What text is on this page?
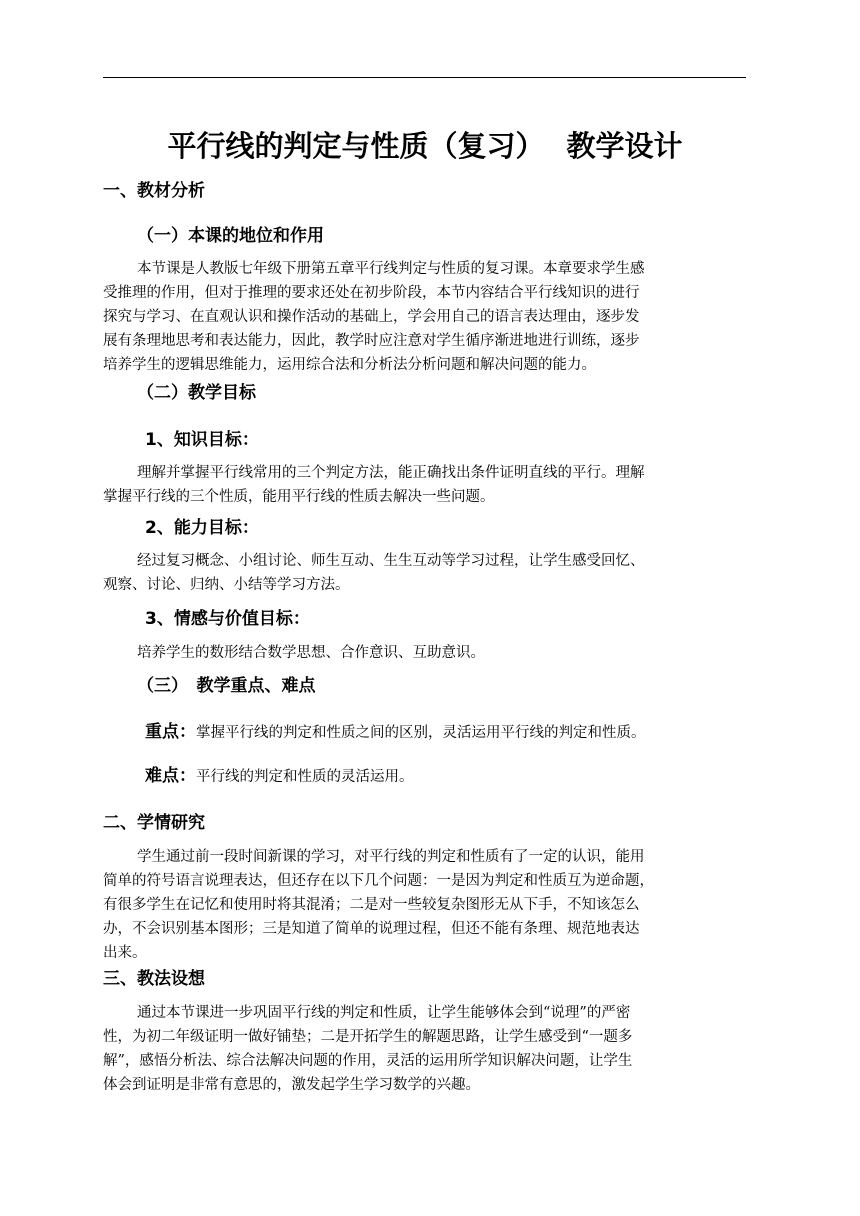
平行线的判定与性质（复习） 教学设计
一、教材分析
（一）本课的地位和作用
本节课是人教版七年级下册第五章平行线判定与性质的复习课。本章要求学生感
受推理的作用，但对于推理的要求还处在初步阶段，本节内容结合平行线知识的进行
探究与学习、在直观认识和操作活动的基础上，学会用自己的语言表达理由，逐步发
展有条理地思考和表达能力，因此，教学时应注意对学生循序渐进地进行训练，逐步
培养学生的逻辑思维能力，运用综合法和分析法分析问题和解决问题的能力。
（二）教学目标
1、知识目标：
理解并掌握平行线常用的三个判定方法，能正确找出条件证明直线的平行。理解
掌握平行线的三个性质，能用平行线的性质去解决一些问题。
2、能力目标：
经过复习概念、小组讨论、师生互动、生生互动等学习过程，让学生感受回忆、
观察、讨论、归纳、小结等学习方法。
3、情感与价值目标：
培养学生的数形结合数学思想、合作意识、互助意识。
（三）　教学重点、难点
重点：掌握平行线的判定和性质之间的区别，灵活运用平行线的判定和性质。
难点：平行线的判定和性质的灵活运用。
二、学情研究
学生通过前一段时间新课的学习，对平行线的判定和性质有了一定的认识，能用
简单的符号语言说理表达，但还存在以下几个问题：一是因为判定和性质互为逆命题，
有很多学生在记忆和使用时将其混淆；二是对一些较复杂图形无从下手，不知该怎么
办，不会识别基本图形；三是知道了简单的说理过程，但还不能有条理、规范地表达
出来。
三、教法设想
通过本节课进一步巩固平行线的判定和性质，让学生能够体会到“说理”的严密
性，为初二年级证明一做好铺垫；二是开拓学生的解题思路，让学生感受到“一题多
解”，感悟分析法、综合法解决问题的作用，灵活的运用所学知识解决问题，让学生
体会到证明是非常有意思的，激发起学生学习数学的兴趣。
